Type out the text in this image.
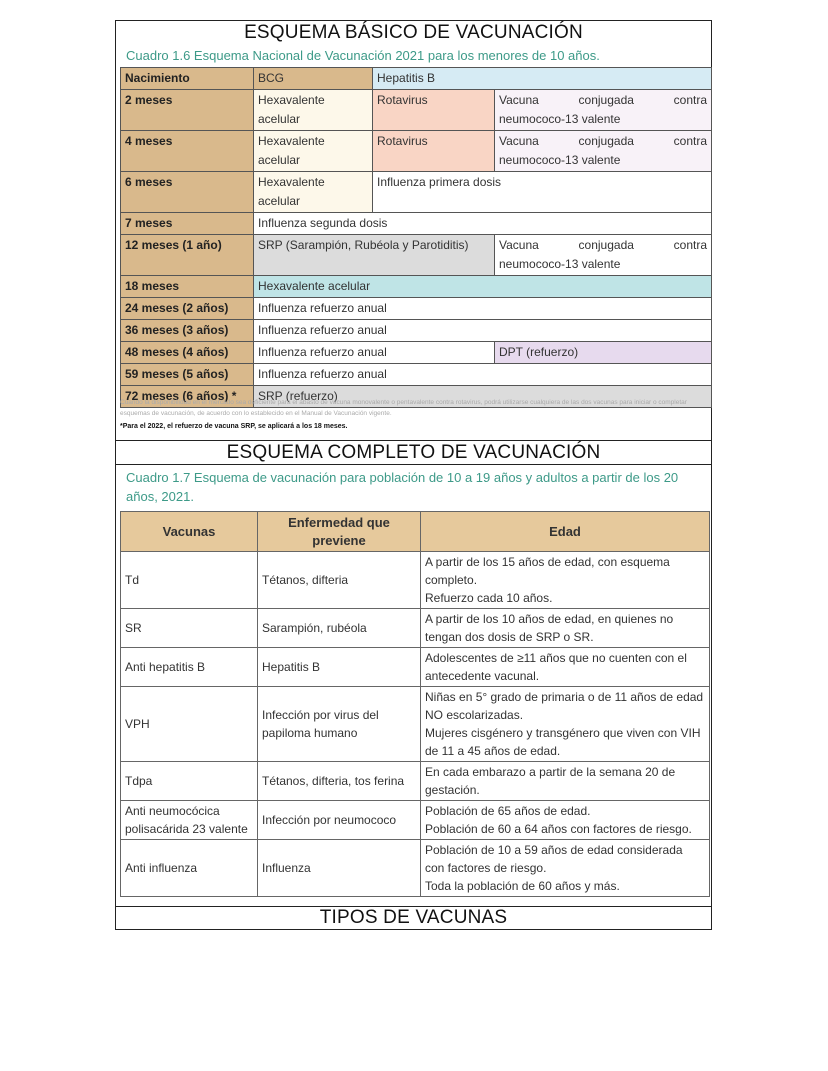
ESQUEMA BÁSICO DE VACUNACIÓN
Cuadro 1.6 Esquema Nacional de Vacunación 2021 para los menores de 10 años.
Nacimiento	BCG	Hepatitis B	
2 meses	Hexavalente acelular	Rotavirus	Vacuna conjugada contra
neumococo-13 valente

4 meses	Hexavalente acelular	Rotavirus	Vacuna conjugada contra
neumococo-13 valente

6 meses	Hexavalente acelular	Influenza primera dosis	
7 meses	Influenza segunda dosis		
12 meses (1 año)	SRP (Sarampión, Rubéola y Parotiditis)		Vacuna conjugada contra
neumococo-13 valente

18 meses	Hexavalente acelular		
24 meses (2 años)	Influenza refuerzo anual		
36 meses (3 años)	Influenza refuerzo anual		
48 meses (4 años)	Influenza refuerzo anual		DPT (refuerzo)
59 meses (5 años)	Influenza refuerzo anual		
72 meses (6 años) *	SRP (refuerzo)		
Cuando la disponibilidad en el mercado sea deficiente para el abasto de vacuna monovalente o pentavalente contra rotavirus, podrá utilizarse cualquiera de las dos vacunas para iniciar o completar esquemas de vacunación, de acuerdo con lo establecido en el Manual de Vacunación vigente.
*Para el 2022, el refuerzo de vacuna SRP, se aplicará a los 18 meses.
ESQUEMA COMPLETO DE VACUNACIÓN
Cuadro 1.7 Esquema de vacunación para población de 10 a 19 años y adultos a partir de los 20 años, 2021.
Vacunas	Enfermedad que previene	Edad
Td	Tétanos, difteria	A partir de los 15 años de edad, con esquema completo.
Refuerzo cada 10 años.

SR	Sarampión, rubéola	A partir de los 10 años de edad, en quienes no tengan dos dosis de SRP o SR.

Anti hepatitis B	Hepatitis B	Adolescentes de ≥11 años que no cuenten con el antecedente vacunal.

VPH	Infección por virus del papiloma humano	Niñas en 5° grado de primaria o de 11 años de edad NO escolarizadas.
Mujeres cisgénero y transgénero que viven con VIH de 11 a 45 años de edad.

Tdpa	Tétanos, difteria, tos ferina	En cada embarazo a partir de la semana 20 de gestación.

Anti neumocócica polisacárida 23 valente	Infección por neumococo	Población de 65 años de edad.
Población de 60 a 64 años con factores de riesgo.

Anti influenza	Influenza	Población de 10 a 59 años de edad considerada con factores de riesgo.
Toda la población de 60 años y más.
TIPOS DE VACUNAS
